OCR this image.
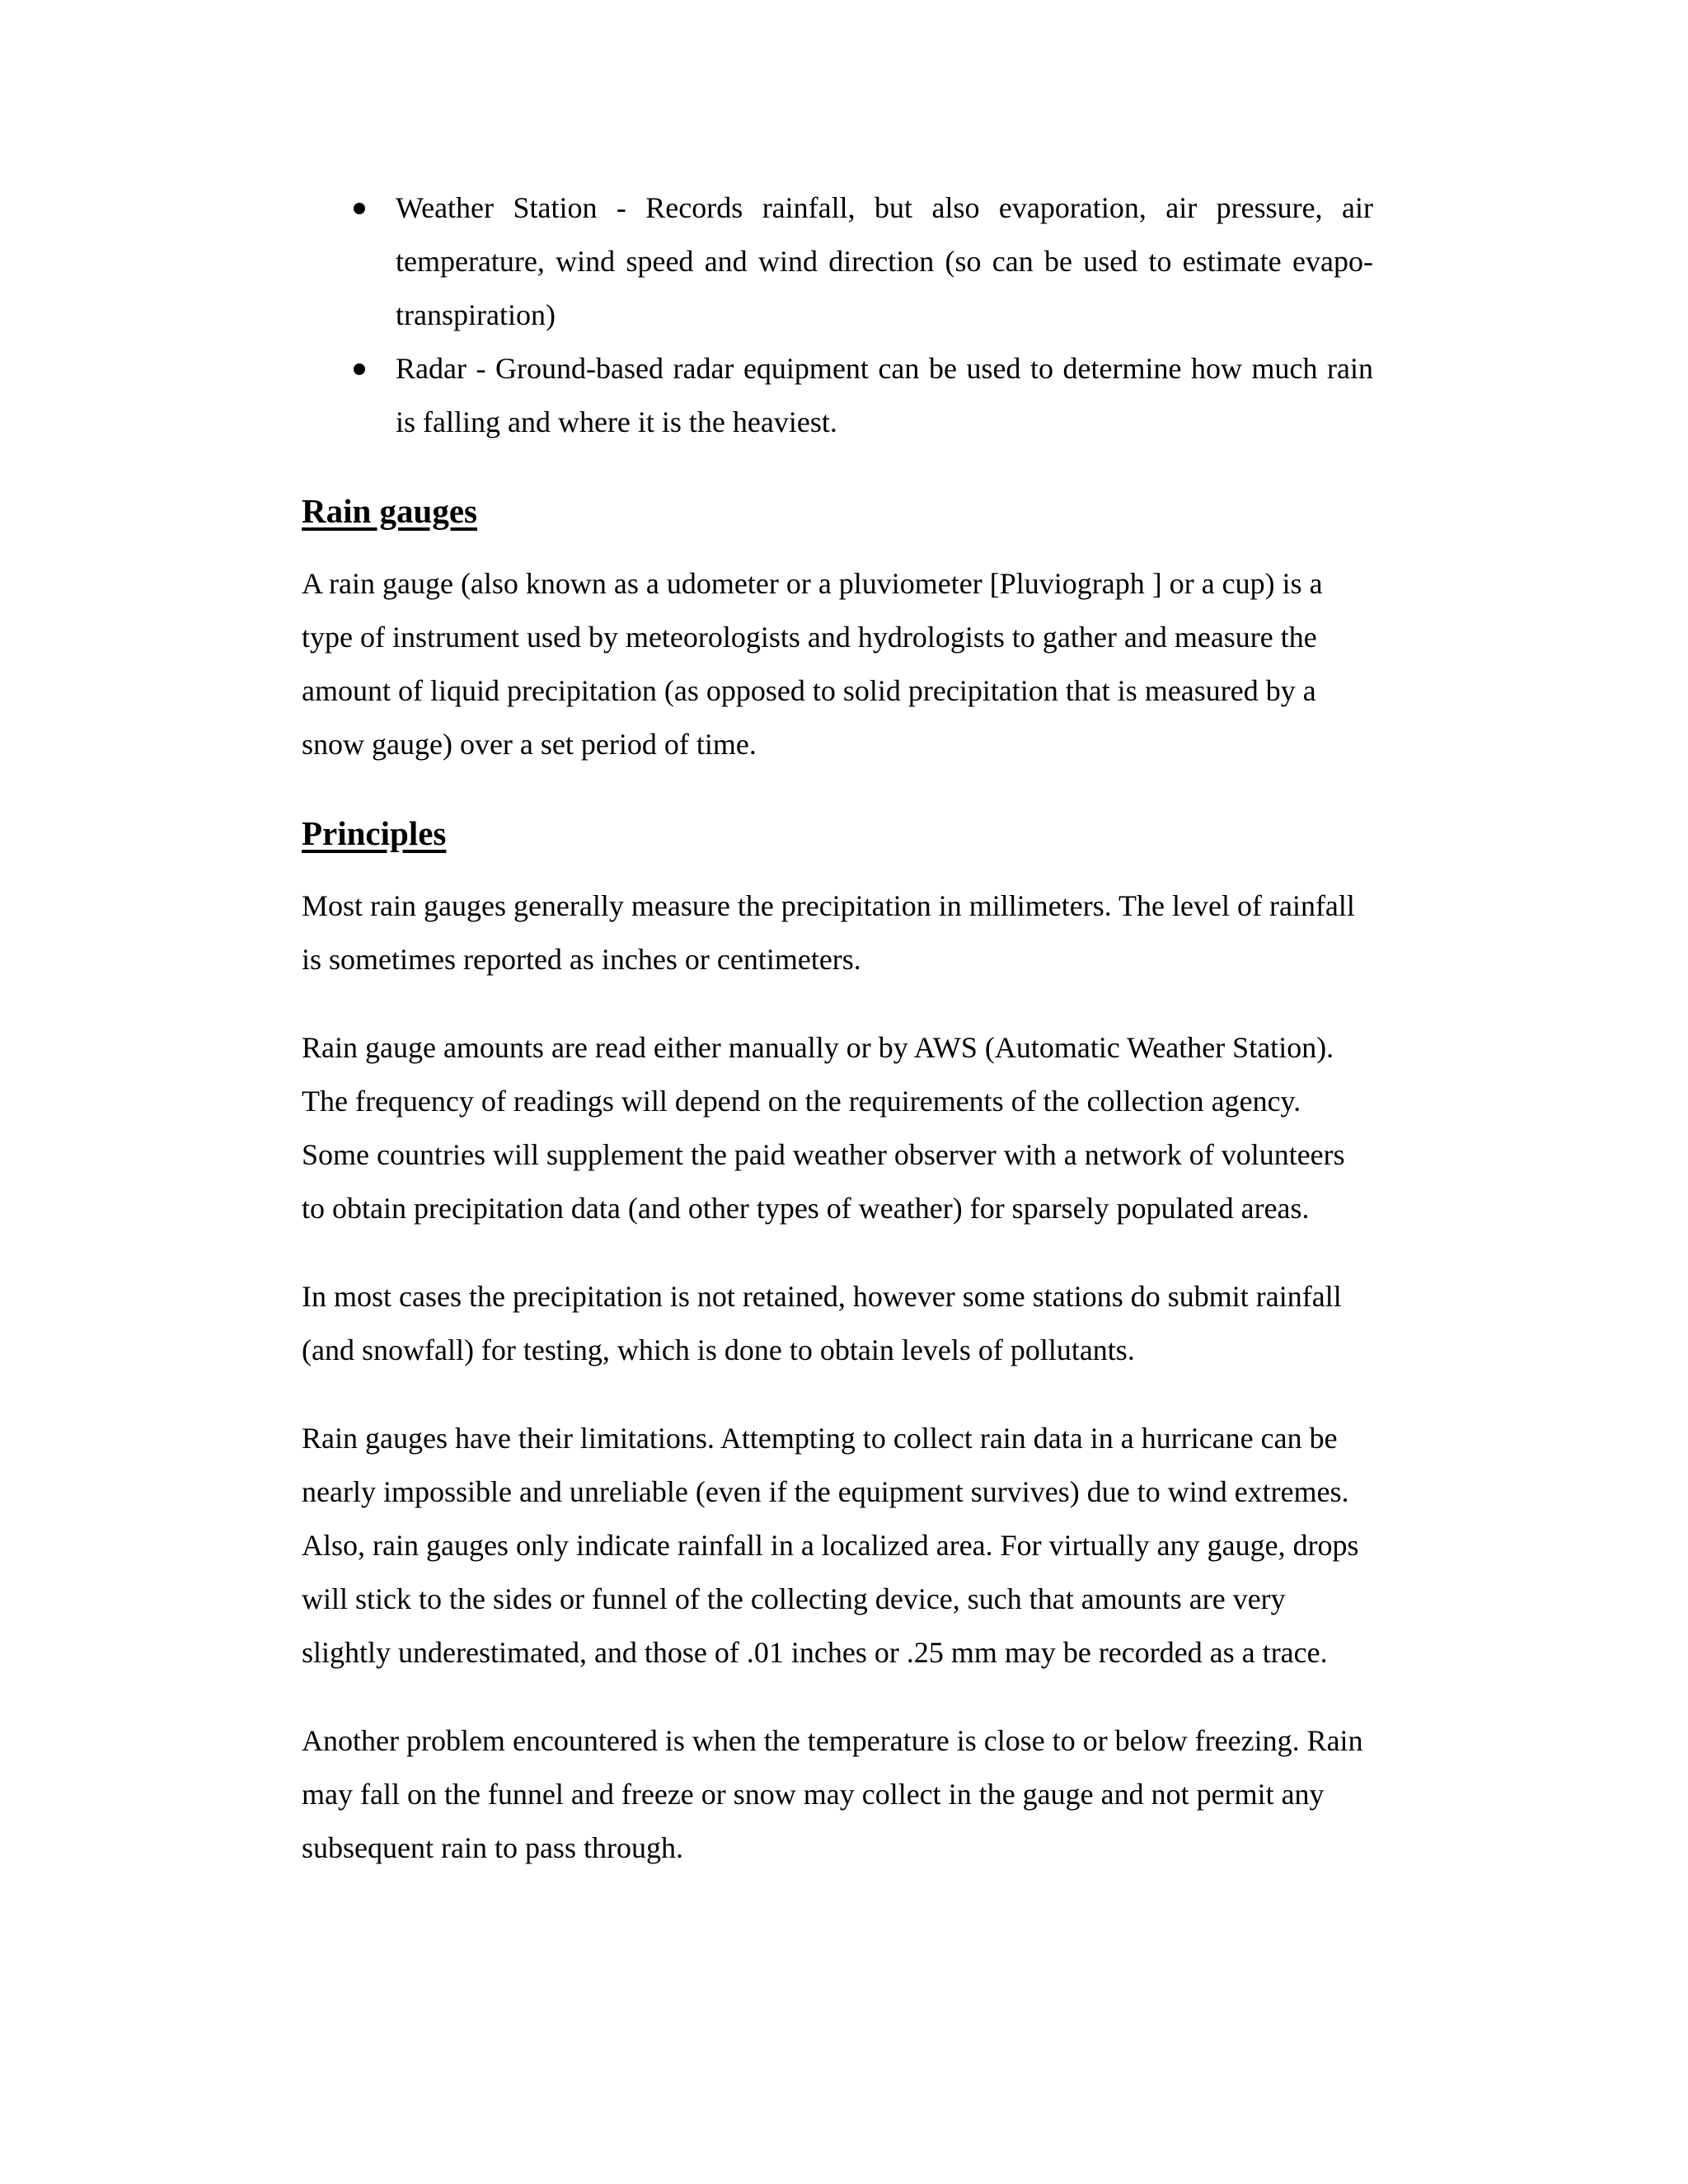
Weather Station - Records rainfall, but also evaporation, air pressure, air temperature, wind speed and wind direction (so can be used to estimate evapo-transpiration)
Radar - Ground-based radar equipment can be used to determine how much rain is falling and where it is the heaviest.
Rain gauges

A rain gauge (also known as a udometer or a pluviometer [Pluviograph ] or a cup) is a type of instrument used by meteorologists and hydrologists to gather and measure the amount of liquid precipitation (as opposed to solid precipitation that is measured by a snow gauge) over a set period of time.

Principles

Most rain gauges generally measure the precipitation in millimeters. The level of rainfall is sometimes reported as inches or centimeters.

Rain gauge amounts are read either manually or by AWS (Automatic Weather Station). The frequency of readings will depend on the requirements of the collection agency. Some countries will supplement the paid weather observer with a network of volunteers to obtain precipitation data (and other types of weather) for sparsely populated areas.

In most cases the precipitation is not retained, however some stations do submit rainfall (and snowfall) for testing, which is done to obtain levels of pollutants.

Rain gauges have their limitations. Attempting to collect rain data in a hurricane can be nearly impossible and unreliable (even if the equipment survives) due to wind extremes. Also, rain gauges only indicate rainfall in a localized area. For virtually any gauge, drops will stick to the sides or funnel of the collecting device, such that amounts are very slightly underestimated, and those of .01 inches or .25 mm may be recorded as a trace.

Another problem encountered is when the temperature is close to or below freezing. Rain may fall on the funnel and freeze or snow may collect in the gauge and not permit any subsequent rain to pass through.
